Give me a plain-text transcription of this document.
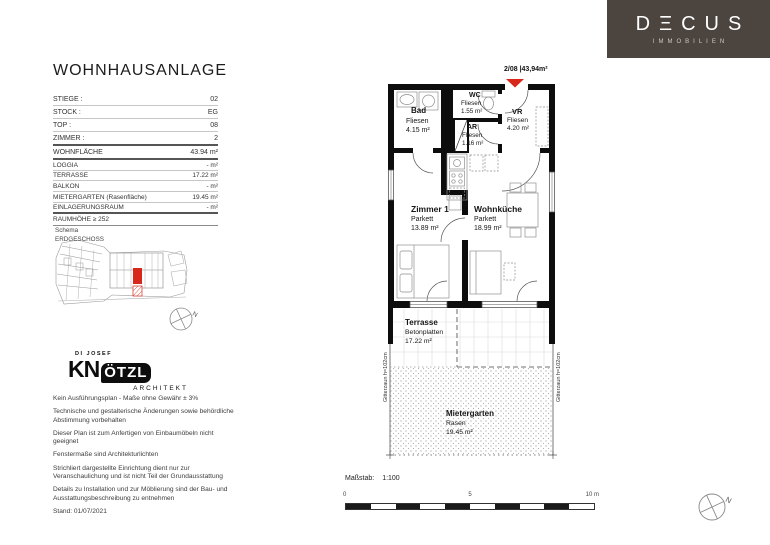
N
N
DΞCUS
IMMOBILIEN
WOHNHAUSANLAGE
STIEGE :	02
STOCK :	EG
TOP :	08
ZIMMER :	2
WOHNFLÄCHE	43.94 m²
LOGGIA	- m²
TERRASSE	17.22 m²
BALKON	- m²
MIETERGARTEN (Rasenfläche)	19.45 m²
EINLAGERUNGSRAUM	- m²
RAUMHÖHE ≥ 252
Schema
ERDGESCHOSS
DI JOSEF
KN ÖTZL
ARCHITEKT

Kein Ausführungsplan - Maße ohne Gewähr ± 3%

Technische und gestalterische Änderungen sowie behördliche Abstimmung vorbehalten

Dieser Plan ist zum Anfertigen von Einbaumöbeln nicht geeignet

Fenstermaße sind Architekturlichten

Strichliert dargestellte Einrichtung dient nur zur Veranschaulichung und ist nicht Teil der Grundausstattung

Details zu Installation und zur Möblierung sind der Bau- und Ausstattungsbeschreibung zu entnehmen

Stand: 01/07/2021
2/08 |43,94m²
Bad
Fliesen
4.15 m²
WC
Fliesen
1.55 m²
AR
Fliesen
1.16 m²
VR
Fliesen
4.20 m²
Zimmer 1
Parkett
13.89 m²
Wohnküche
Parkett
18.99 m²
Terrasse
Betonplatten
17.22 m²
Mietergarten
Rasen
19.45 m²
Gitterzaun h=102cm	Gitterzaun h=102cm
Maßstab: 1:100
0	5	10 m
